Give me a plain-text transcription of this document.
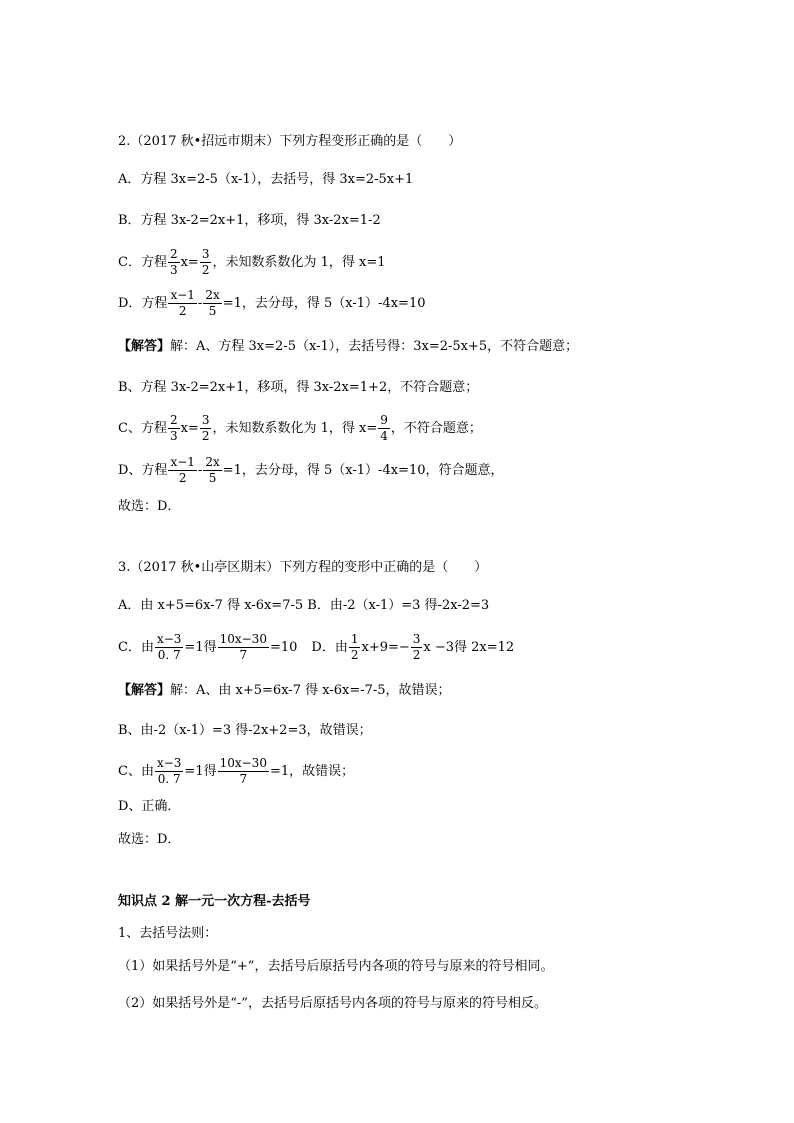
2.（2017 秋•招远市期末）下列方程变形正确的是（　　）
A．方程 3x=2-5（x-1），去括号，得 3x=2-5x+1
B．方程 3x-2=2x+1，移项，得 3x-2x=1-2
C．方程 $\frac{2}{3} x= \frac{3}{2}$ ，未知数系数化为 1，得 x=1
D．方程 $\frac{x-1}{2} - \frac{2x}{5} =1$，去分母，得 5（x-1）-4x=10
【解答】解：A、方程 3x=2-5（x-1），去括号得：3x=2-5x+5，不符合题意；
B、方程 3x-2=2x+1，移项，得 3x-2x=1+2，不符合题意；
C、方程 $\frac{2}{3} x= \frac{3}{2}$ ，未知数系数化为 1，得 $x= \frac{9}{4}$ ，不符合题意；
D、方程 $\frac{x-1}{2} - \frac{2x}{5} =1$，去分母，得 5（x-1）-4x=10，符合题意，
故选：D．
3.（2017 秋•山亭区期末）下列方程的变形中正确的是（　　）
A．由 x+5=6x-7 得 x-6x=7-5 B．由-2（x-1）=3 得-2x-2=3
C．由 $\frac{x-3}{0. 7} =1$得 $\frac{10x-30}{7} =10$ D．由 $\frac{1}{2} x+9=- \frac{3}{2}$ x −3得 2x=12
【解答】解：A、由 x+5=6x-7 得 x-6x=-7-5，故错误；
B、由-2（x-1）=3 得-2x+2=3，故错误；
C、由 $\frac{x-3}{0. 7} =1$得 $\frac{10x-30}{7} =1$，故错误；
D、正确．
故选：D．
知识点 2 解一元一次方程-去括号
1、去括号法则：
（1）如果括号外是“+”，去括号后原括号内各项的符号与原来的符号相同。
（2）如果括号外是“-”，去括号后原括号内各项的符号与原来的符号相反。
